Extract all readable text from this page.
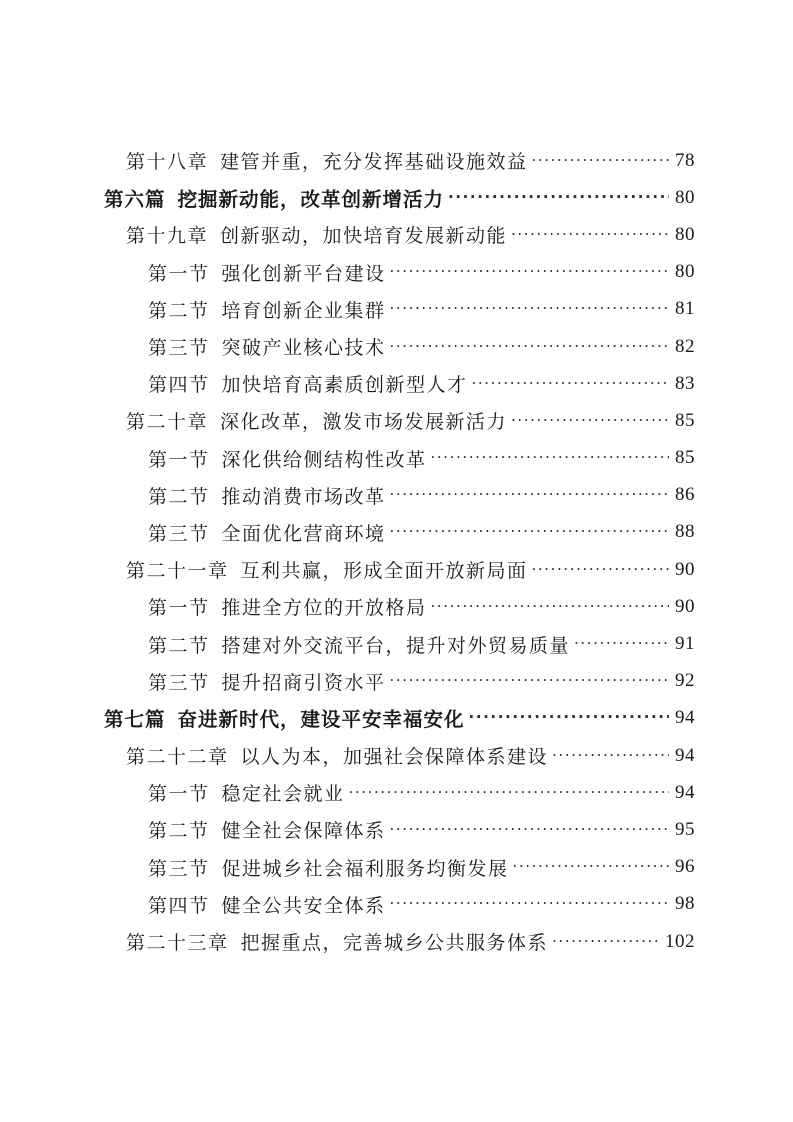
第十八章 建管并重，充分发挥基础设施效益 ·····	78
第六篇 挖掘新动能，改革创新增活力 ·····	80
第十九章 创新驱动，加快培育发展新动能 ·····	80
第一节 强化创新平台建设 ·····	80
第二节 培育创新企业集群 ·····	81
第三节 突破产业核心技术 ·····	82
第四节 加快培育高素质创新型人才 ·····	83
第二十章 深化改革，激发市场发展新活力 ·····	85
第一节 深化供给侧结构性改革 ·····	85
第二节 推动消费市场改革 ·····	86
第三节 全面优化营商环境 ·····	88
第二十一章 互利共赢，形成全面开放新局面 ·····	90
第一节 推进全方位的开放格局 ·····	90
第二节 搭建对外交流平台，提升对外贸易质量 ·····	91
第三节 提升招商引资水平 ·····	92
第七篇 奋进新时代，建设平安幸福安化 ·····	94
第二十二章 以人为本，加强社会保障体系建设 ·····	94
第一节 稳定社会就业 ·····	94
第二节 健全社会保障体系 ·····	95
第三节 促进城乡社会福利服务均衡发展 ·····	96
第四节 健全公共安全体系 ·····	98
第二十三章 把握重点，完善城乡公共服务体系 ·····	102
